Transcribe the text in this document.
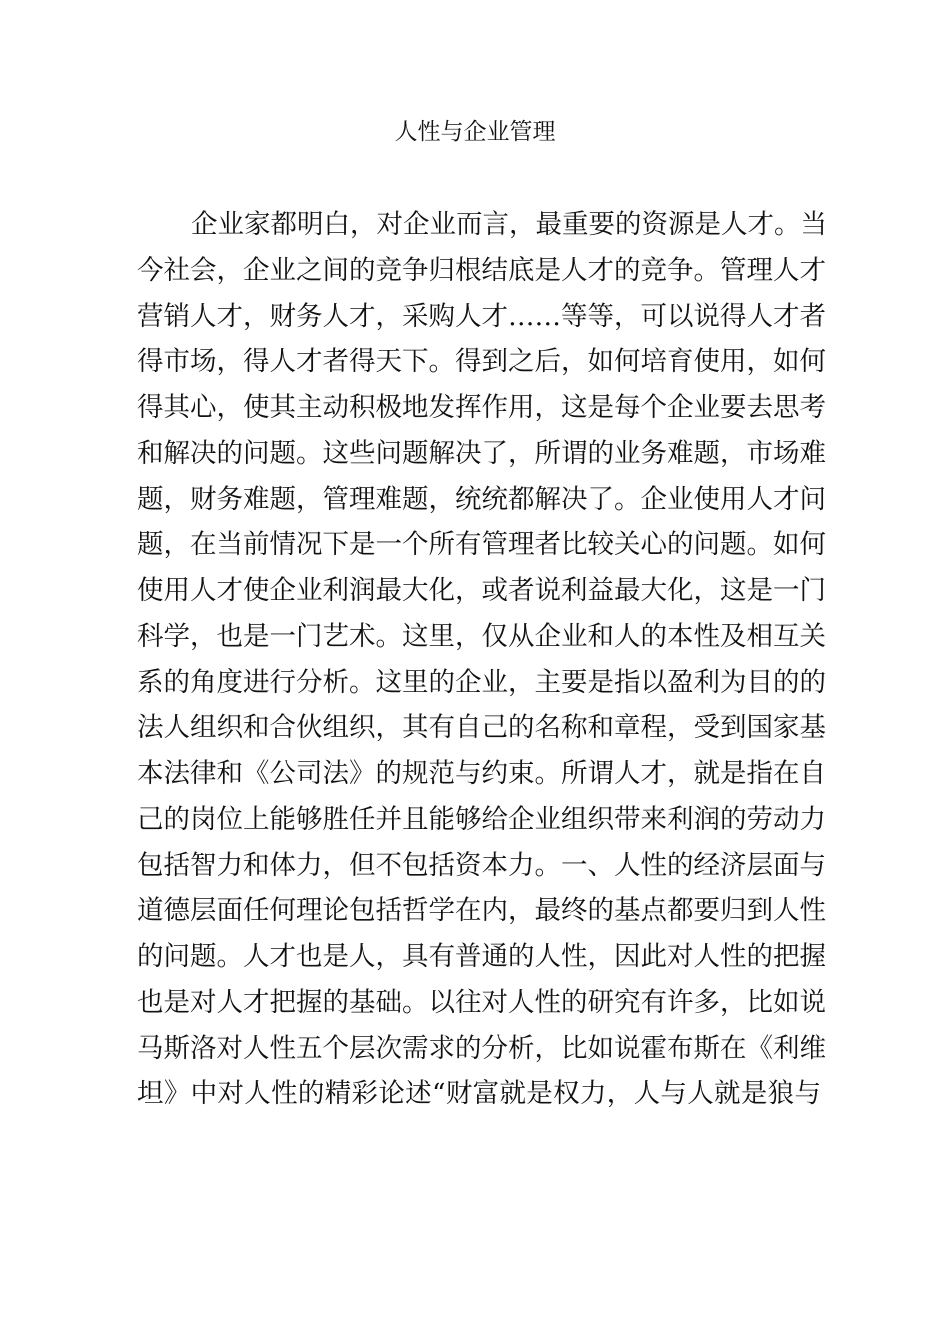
人性与企业管理
企业家都明白，对企业而言，最重要的资源是人才。当
今社会，企业之间的竞争归根结底是人才的竞争。管理人才
营销人才，财务人才，采购人才……等等，可以说得人才者
得市场，得人才者得天下。得到之后，如何培育使用，如何
得其心，使其主动积极地发挥作用，这是每个企业要去思考
和解决的问题。这些问题解决了，所谓的业务难题，市场难
题，财务难题，管理难题，统统都解决了。企业使用人才问
题，在当前情况下是一个所有管理者比较关心的问题。如何
使用人才使企业利润最大化，或者说利益最大化，这是一门
科学，也是一门艺术。这里，仅从企业和人的本性及相互关
系的角度进行分析。这里的企业，主要是指以盈利为目的的
法人组织和合伙组织，其有自己的名称和章程，受到国家基
本法律和《公司法》的规范与约束。所谓人才，就是指在自
己的岗位上能够胜任并且能够给企业组织带来利润的劳动力
包括智力和体力，但不包括资本力。一、人性的经济层面与
道德层面任何理论包括哲学在内，最终的基点都要归到人性
的问题。人才也是人，具有普通的人性，因此对人性的把握
也是对人才把握的基础。以往对人性的研究有许多，比如说
马斯洛对人性五个层次需求的分析，比如说霍布斯在《利维
坦》中对人性的精彩论述“财富就是权力，人与人就是狼与
